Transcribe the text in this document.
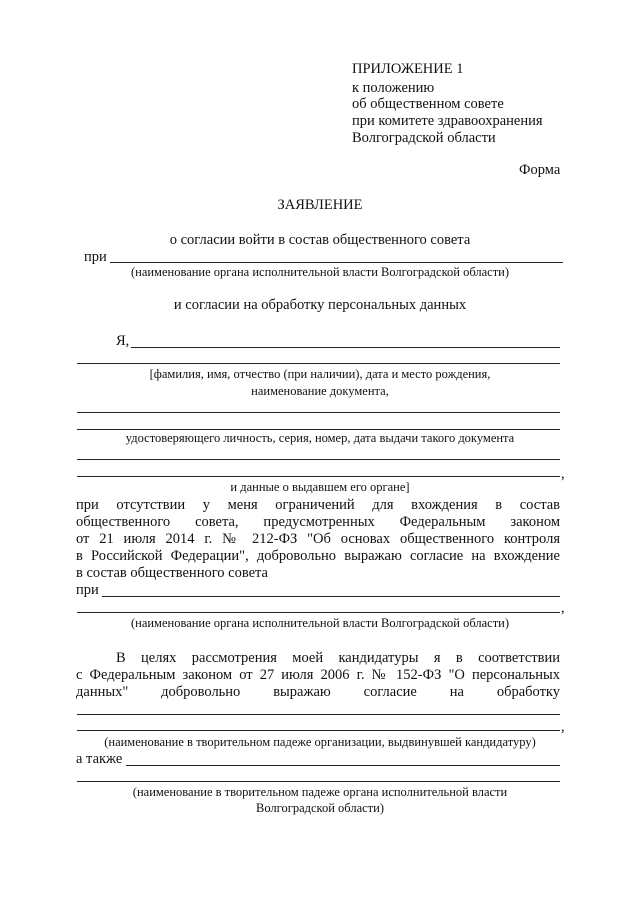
ПРИЛОЖЕНИЕ 1
к положению
об общественном совете
при комитете здравоохранения
Волгоградской области
Форма
ЗАЯВЛЕНИЕ
о согласии войти в состав общественного совета
при
(наименование органа исполнительной власти Волгоградской области)
и согласии на обработку персональных данных
Я,
[фамилия, имя, отчество (при наличии), дата и место рождения,
наименование документа,
удостоверяющего личность, серия, номер, дата выдачи такого документа
,
и данные о выдавшем его органе]
при отсутствии у меня ограничений для вхождения в состав
общественного совета, предусмотренных Федеральным законом
от 21 июля 2014 г. № 212-ФЗ "Об основах общественного контроля
в Российской Федерации", добровольно выражаю согласие на вхождение
в состав общественного совета
при
,
(наименование органа исполнительной власти Волгоградской области)
В целях рассмотрения моей кандидатуры я в соответствии
с Федеральным законом от 27 июля 2006 г. № 152-ФЗ "О персональных
данных" добровольно выражаю согласие на обработку
,
(наименование в творительном падеже организации, выдвинувшей кандидатуру)
а также
(наименование в творительном падеже органа исполнительной власти
Волгоградской области)
